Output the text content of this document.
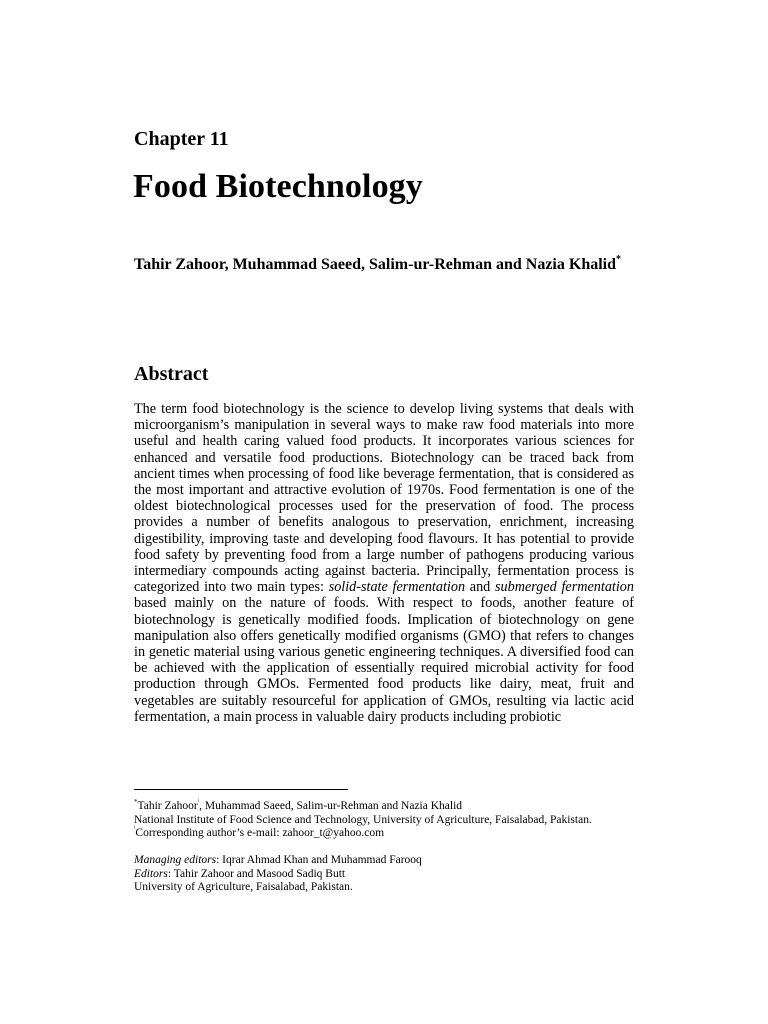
Chapter 11
Food Biotechnology

Tahir Zahoor, Muhammad Saeed, Salim-ur-Rehman and Nazia Khalid*

Abstract

The term food biotechnology is the science to develop living systems that deals with microorganism’s manipulation in several ways to make raw food materials into more useful and health caring valued food products. It incorporates various sciences for enhanced and versatile food productions. Biotechnology can be traced back from ancient times when processing of food like beverage fermentation, that is considered as the most important and attractive evolution of 1970s. Food fermentation is one of the oldest biotechnological processes used for the preservation of food. The process provides a number of benefits analogous to preservation, enrichment, increasing digestibility, improving taste and developing food flavours. It has potential to provide food safety by preventing food from a large number of pathogens producing various intermediary compounds acting against bacteria. Principally, fermentation process is categorized into two main types: solid-state fermentation and submerged fermentation based mainly on the nature of foods. With respect to foods, another feature of biotechnology is genetically modified foods. Implication of biotechnology on gene manipulation also offers genetically modified organisms (GMO) that refers to changes in genetic material using various genetic engineering techniques. A diversified food can be achieved with the application of essentially required microbial activity for food production through GMOs. Fermented food products like dairy, meat, fruit and vegetables are suitably resourceful for application of GMOs, resulting via lactic acid fermentation, a main process in valuable dairy products including probiotic

*Tahir Zahoor$^{^i}$, Muhammad Saeed, Salim-ur-Rehman and Nazia Khalid

National Institute of Food Science and Technology, University of Agriculture, Faisalabad, Pakistan.

$^{^i}$Corresponding author’s e-mail: zahoor_t@yahoo.com

Managing editors: Iqrar Ahmad Khan and Muhammad Farooq

Editors: Tahir Zahoor and Masood Sadiq Butt

University of Agriculture, Faisalabad, Pakistan.
